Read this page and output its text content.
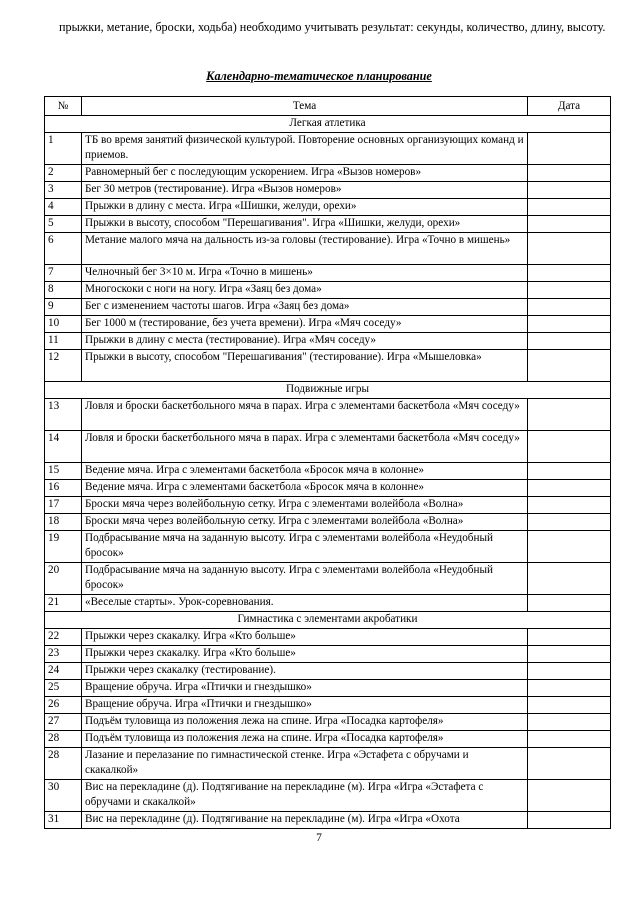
прыжки, метание, броски, ходьба) необходимо учитывать результат: секунды, количество, длину, высоту.
Календарно-тематическое планирование
№	Тема	Дата
Легкая атлетика		
1	ТБ во время занятий физической культурой. Повторение основных организующих команд и приемов.	
2	Равномерный бег с последующим ускорением. Игра «Вызов номеров»	
3	Бег 30 метров (тестирование). Игра «Вызов номеров»	
4	Прыжки в длину с места. Игра «Шишки, желуди, орехи»	
5	Прыжки в высоту, способом "Перешагивания". Игра «Шишки, желуди, орехи»	
6	Метание малого мяча на дальность из-за головы (тестирование). Игра «Точно в мишень»	
7	Челночный бег 3×10 м. Игра «Точно в мишень»	
8	Многоскоки с ноги на ногу. Игра «Заяц без дома»	
9	Бег с изменением частоты шагов. Игра «Заяц без дома»	
10	Бег 1000 м (тестирование, без учета времени). Игра «Мяч соседу»	
11	Прыжки в длину с места (тестирование). Игра «Мяч соседу»	
12	Прыжки в высоту, способом "Перешагивания" (тестирование). Игра «Мышеловка»	
Подвижные игры		
13	Ловля и броски баскетбольного мяча в парах. Игра с элементами баскетбола «Мяч соседу»	
14	Ловля и броски баскетбольного мяча в парах. Игра с элементами баскетбола «Мяч соседу»	
15	Ведение мяча. Игра с элементами баскетбола «Бросок мяча в колонне»	
16	Ведение мяча. Игра с элементами баскетбола «Бросок мяча в колонне»	
17	Броски мяча через волейбольную сетку. Игра с элементами волейбола «Волна»	
18	Броски мяча через волейбольную сетку. Игра с элементами волейбола «Волна»	
19	Подбрасывание мяча на заданную высоту. Игра с элементами волейбола «Неудобный бросок»	
20	Подбрасывание мяча на заданную высоту. Игра с элементами волейбола «Неудобный бросок»	
21	«Веселые старты». Урок-соревнования.	
Гимнастика с элементами акробатики		
22	Прыжки через скакалку. Игра «Кто больше»	
23	Прыжки через скакалку. Игра «Кто больше»	
24	Прыжки через скакалку (тестирование).	
25	Вращение обруча. Игра «Птички и гнездышко»	
26	Вращение обруча. Игра «Птички и гнездышко»	
27	Подъём туловища из положения лежа на спине. Игра «Посадка картофеля»	
28	Подъём туловища из положения лежа на спине. Игра «Посадка картофеля»	
28	Лазание и перелазание по гимнастической стенке. Игра «Эстафета с обручами и скакалкой»	
30	Вис на перекладине (д). Подтягивание на перекладине (м). Игра «Игра «Эстафета с обручами и скакалкой»	
31	Вис на перекладине (д). Подтягивание на перекладине (м). Игра «Игра «Охота	
7
